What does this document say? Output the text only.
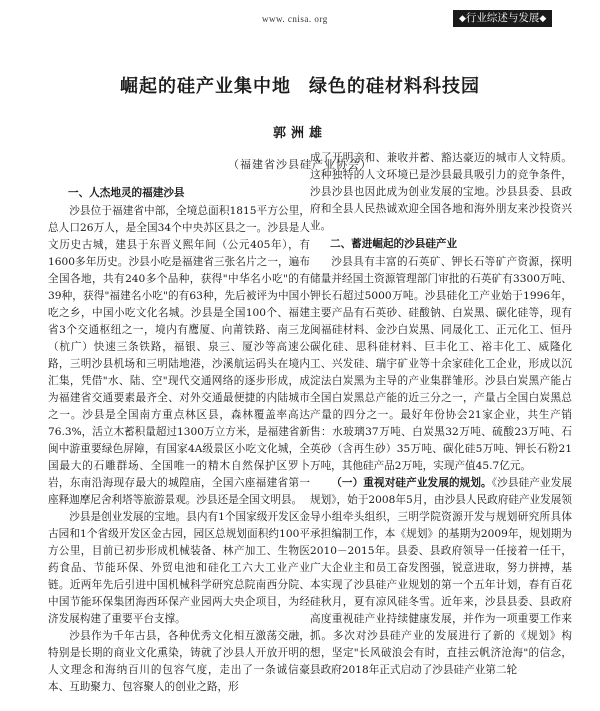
www. cnisa. org	◆行业综述与发展◆
崛起的硅产业集中地 绿色的硅材料科技园
郭洲雄
（福建省沙县硅产业协会）
一、人杰地灵的福建沙县

沙县位于福建省中部，全境总面积1815平方公里，总人口26万人，是全国34个中央苏区县之一。沙县是人文历史古城，建县于东晋义熙年间（公元405年），有1600多年历史。沙县小吃是福建省三张名片之一，遍布全国各地，共有240多个品种，获得"中华名小吃"的有39种，获得"福建名小吃"的有63种，先后被评为中国小吃之乡，中国小吃文化名城。沙县是全国100个、福建省3个交通枢纽之一，境内有鹰厦、向莆铁路、南三龙（杭广）快速三条铁路，福银、泉三、厦沙等高速公路，三明沙县机场和三明陆地港，沙溪航运码头在境内汇集，凭借"水、陆、空"现代交通网络的逐步形成，成为福建省交通要素最齐全、对外交通最便捷的内陆城市之一。沙县是全国南方重点林区县，森林覆盖率高达76.3%，活立木蓄积量超过1300万立方米，是福建省新闽中游重要绿色屏障，有国家4A级景区小吃文化城，全国最大的石雕群场、全国唯一的精木自然保护区罗卜岩，东南沿海现存最大的城隍庙，全国六座福建省第一座释迦摩尼舍利塔等旅游景观。沙县还是全国文明县。

沙县是创业发展的宝地。县内有1个国家级开发区金古园和1个省级开发区金古园，园区总规划面积约100平方公里，目前已初步形成机械装备、林产加工、生物医药食品、节能环保、外贸电池和硅化工六大工业产业链。近两年先后引进中国机械科学研究总院南西分院、中国节能环保集团海西环保产业园两大央企项目，为经济发展构建了重要平台支撑。

沙县作为千年古县，各种优秀文化相互激荡交融，特别是长期的商业文化熏染，铸就了沙县人开放开明的人文理念和海纳百川的包容气度，走出了一条诚信豪本、互助聚力、包容聚人的创业之路，形

成了开明亲和、兼收并蓄、豁达豪迈的城市人文特质。这种独特的人文环境已是沙县最具吸引力的竞争条件，沙县沙县也因此成为创业发展的宝地。沙县县委、县政府和全县人民热诚欢迎全国各地和海外朋友来沙投资兴业。

二、蓄进崛起的沙县硅产业

沙县具有丰富的石英矿、钾长石等矿产资源，探明储量并经国土资源管理部门审批的石英矿有3300万吨、钾长石超过5000万吨。沙县硅化工产业始于1996年，主要产品有石英砂、硅酸钠、白炭黑、碳化硅等，现有闽福硅材料、金沙白炭黑、同晟化工、正元化工、恒丹碳化硅、思科硅材料、巨丰化工、裕丰化工、威隆化工、兴发硅、瑞宇矿业等十余家硅化工企业，形成以沉淀法白炭黑为主导的产业集群雏形。沙县白炭黑产能占全国白炭黑总产能的近三分之一，产量占全国白炭黑总产量的四分之一。最好年份协会21家企业，共生产销售：水玻璃37万吨、白炭黑32万吨、硫酸23万吨、石英砂（含再生砂）35万吨、碳化硅5万吨、钾长石粉21万吨，其他硅产品2万吨，实现产值45.7亿元。

（一）重视对硅产业发展的规划。《沙县硅产业发展规划》，始于2008年5月，由沙县人民政府硅产业发展领导小组牵头组织，三明学院资源开发与规划研究所具体承担编制工作，本《规划》的基期为2009年，规划期为2010－2015年。县委、县政府领导一任接着一任干，广大企业主和员工奋发图强，锐意进取，努力拼搏，基本实现了沙县硅产业规划的第一个五年计划，春有百花硅秋月，夏有凉风硅冬雪。近年来，沙县县委、县政府高度重视硅产业持续健康发展，并作为一项重要工作来抓。多次对沙县硅产业的发展进行了新的《规划》构想，坚定"长风破浪会有时，直挂云帆济沧海"的信念，县政府2018年正式启动了沙县硅产业第二轮
